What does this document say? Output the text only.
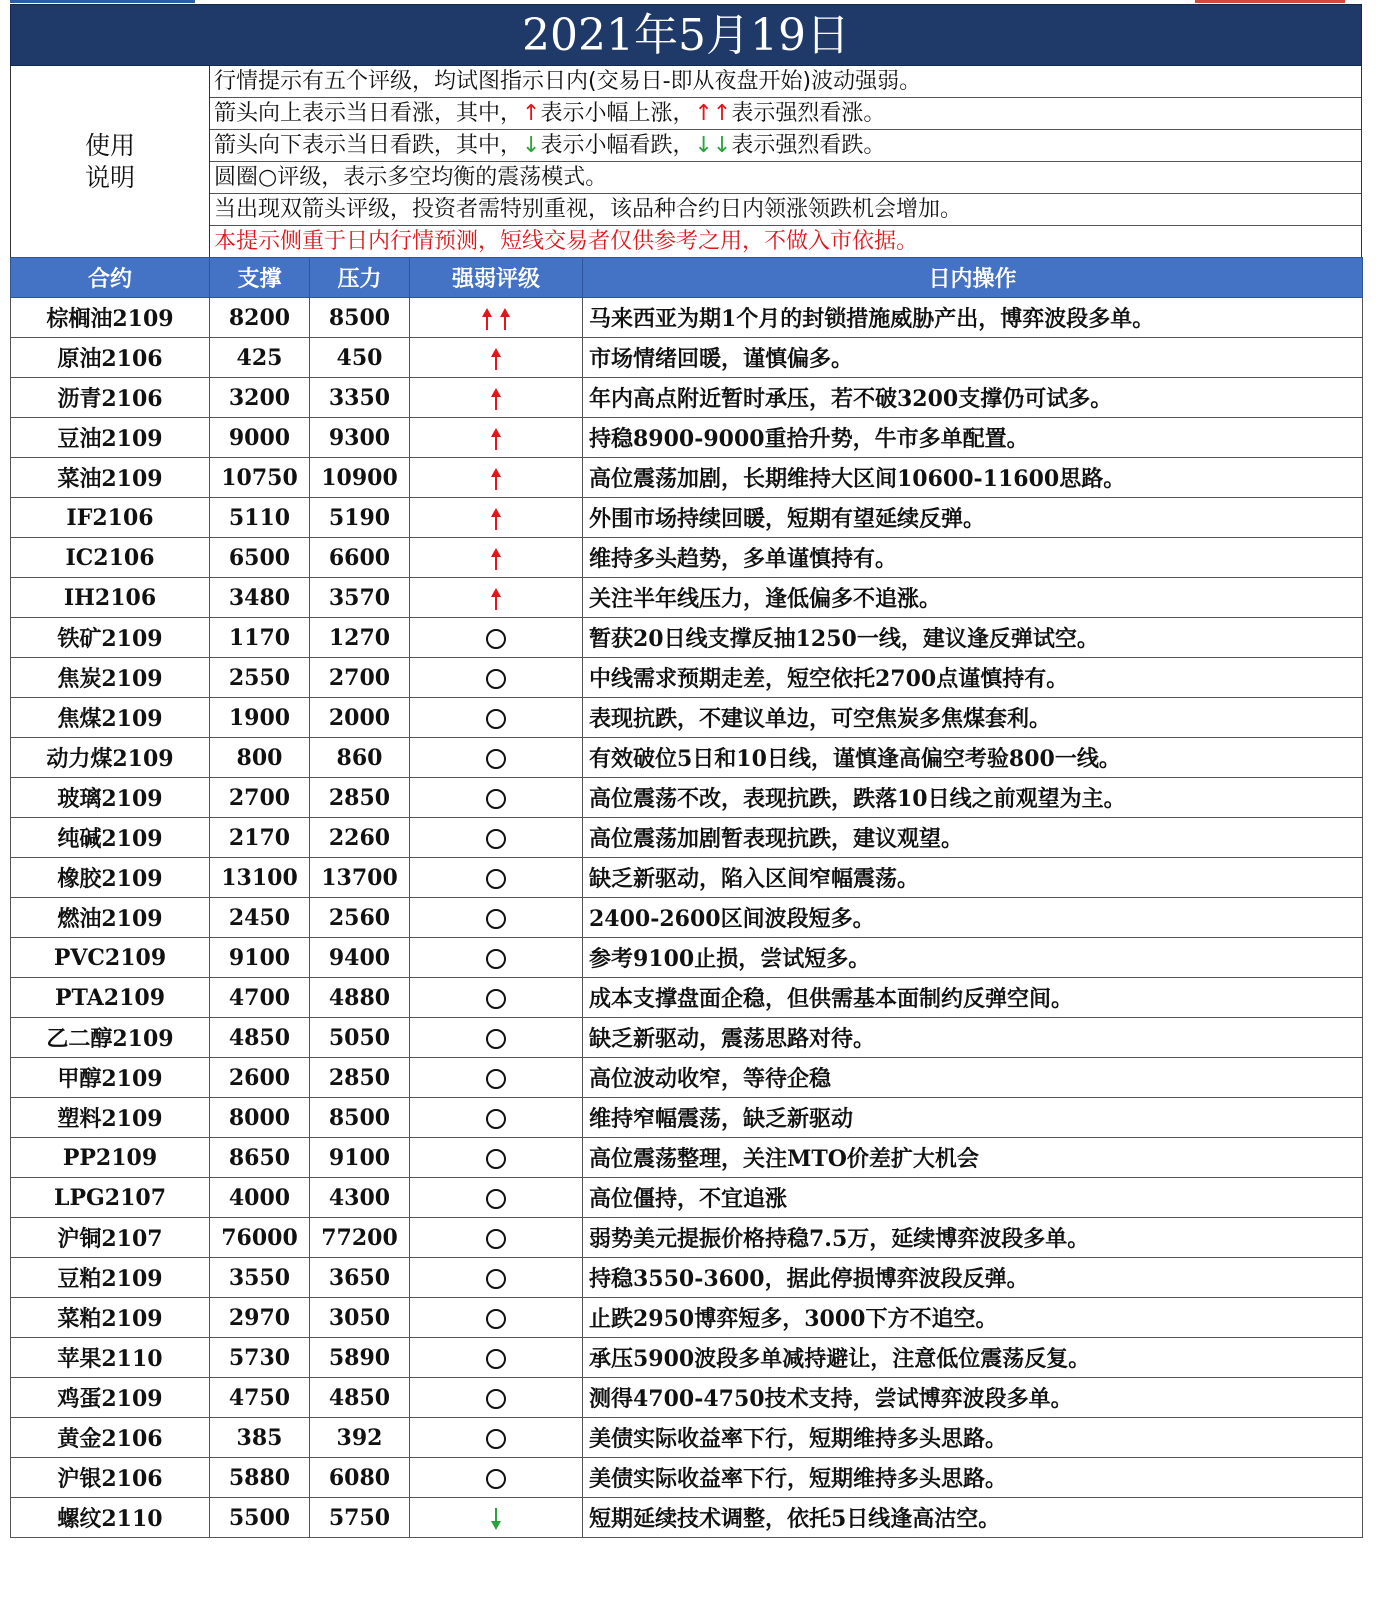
2021年5月19日
使用
说明
行情提示有五个评级，均试图指示日内(交易日-即从夜盘开始)波动强弱。
箭头向上表示当日看涨，其中，↑表示小幅上涨，↑↑表示强烈看涨。
箭头向下表示当日看跌，其中，↓表示小幅看跌，↓↓表示强烈看跌。
圆圈○评级，表示多空均衡的震荡模式。
当出现双箭头评级，投资者需特别重视，该品种合约日内领涨领跌机会增加。
本提示侧重于日内行情预测，短线交易者仅供参考之用，不做入市依据。
合约	支撑	压力	强弱评级	日内操作
棕榈油2109	8200	8500		马来西亚为期1个月的封锁措施威胁产出，博弈波段多单。
原油2106	425	450		市场情绪回暖，谨慎偏多。
沥青2106	3200	3350		年内高点附近暂时承压，若不破3200支撑仍可试多。
豆油2109	9000	9300		持稳8900-9000重拾升势，牛市多单配置。
菜油2109	10750	10900		高位震荡加剧，长期维持大区间10600-11600思路。
IF2106	5110	5190		外围市场持续回暖，短期有望延续反弹。
IC2106	6500	6600		维持多头趋势，多单谨慎持有。
IH2106	3480	3570		关注半年线压力，逢低偏多不追涨。
铁矿2109	1170	1270		暂获20日线支撑反抽1250一线，建议逢反弹试空。
焦炭2109	2550	2700		中线需求预期走差，短空依托2700点谨慎持有。
焦煤2109	1900	2000		表现抗跌，不建议单边，可空焦炭多焦煤套利。
动力煤2109	800	860		有效破位5日和10日线，谨慎逢高偏空考验800一线。
玻璃2109	2700	2850		高位震荡不改，表现抗跌，跌落10日线之前观望为主。
纯碱2109	2170	2260		高位震荡加剧暂表现抗跌，建议观望。
橡胶2109	13100	13700		缺乏新驱动，陷入区间窄幅震荡。
燃油2109	2450	2560		2400-2600区间波段短多。
PVC2109	9100	9400		参考9100止损，尝试短多。
PTA2109	4700	4880		成本支撑盘面企稳，但供需基本面制约反弹空间。
乙二醇2109	4850	5050		缺乏新驱动，震荡思路对待。
甲醇2109	2600	2850		高位波动收窄，等待企稳
塑料2109	8000	8500		维持窄幅震荡，缺乏新驱动
PP2109	8650	9100		高位震荡整理，关注MTO价差扩大机会
LPG2107	4000	4300		高位僵持，不宜追涨
沪铜2107	76000	77200		弱势美元提振价格持稳7.5万，延续博弈波段多单。
豆粕2109	3550	3650		持稳3550-3600，据此停损博弈波段反弹。
菜粕2109	2970	3050		止跌2950博弈短多，3000下方不追空。
苹果2110	5730	5890		承压5900波段多单减持避让，注意低位震荡反复。
鸡蛋2109	4750	4850		测得4700-4750技术支持，尝试博弈波段多单。
黄金2106	385	392		美债实际收益率下行，短期维持多头思路。
沪银2106	5880	6080		美债实际收益率下行，短期维持多头思路。
螺纹2110	5500	5750		短期延续技术调整，依托5日线逢高沽空。
